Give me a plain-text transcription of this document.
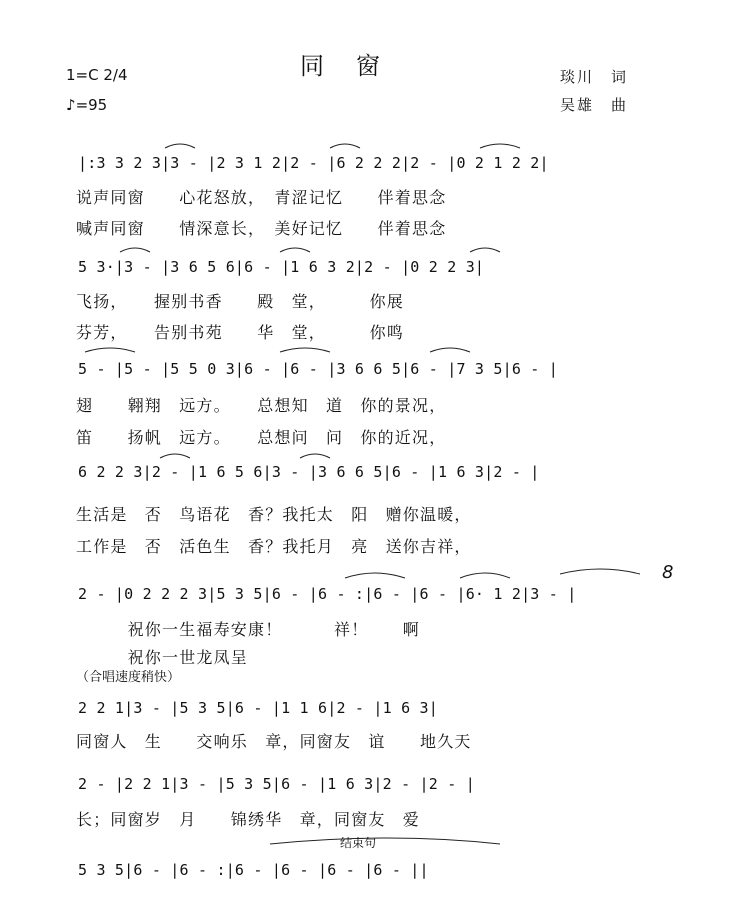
同　窗
1=C 2/4
♪=95
琰川　词
吴雄　曲
|:3 3 2 3|3 - |2 3 1 2|2 - |6 2 2 2|2 - |0 2 1 2 2|
说声同窗　　心花怒放，　青涩记忆　　伴着思念
喊声同窗　　情深意长，　美好记忆　　伴着思念
5 3·|3 - |3 6 5 6|6 - |1 6 3 2|2 - |0 2 2 3|
飞扬，　　握别书香　　殿　堂，　　　你展
芬芳，　　告别书苑　　华　堂，　　　你鸣
5 - |5 - |5 5 0 3|6 - |6 - |3 6 6 5|6 - |7 3 5|6 - |
翅　　翱翔　远方。　　总想知　道　你的景况，
笛　　扬帆　远方。　　总想问　问　你的近况，
6 2 2 3|2 - |1 6 5 6|3 - |3 6 6 5|6 - |1 6 3|2 - |
生活是　否　鸟语花　香？我托太　阳　赠你温暖，
工作是　否　活色生　香？我托月　亮　送你吉祥，
2 - |0 2 2 2 3|5 3 5|6 - |6 - :|6 - |6 - |6· 1 2|3 - |
　　　祝你一生福寿安康！　　　祥！　　啊
　　　祝你一世龙凤呈
8
（合唱速度稍快）
2 2 1|3 - |5 3 5|6 - |1 1 6|2 - |1 6 3|
同窗人　生　　交响乐　章，同窗友　谊　　地久天
2 - |2 2 1|3 - |5 3 5|6 - |1 6 3|2 - |2 - |
长；同窗岁　月　　锦绣华　章，同窗友　爱
结束句
5 3 5|6 - |6 - :|6 - |6 - |6 - |6 - ||
